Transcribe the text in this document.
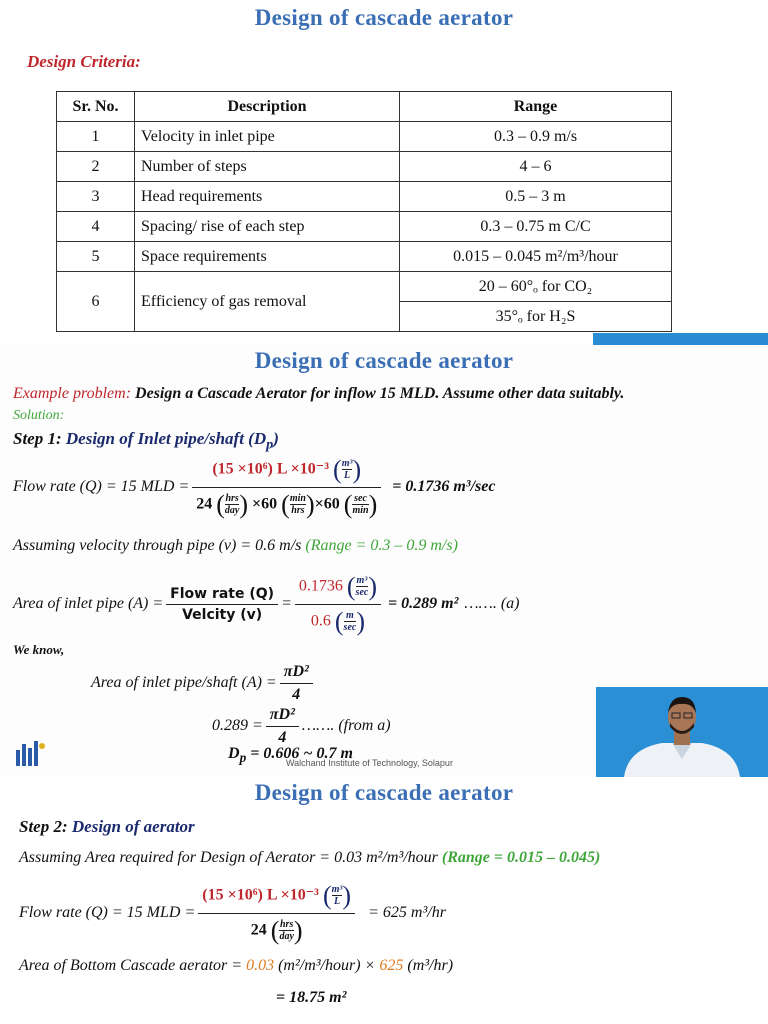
Design of cascade aerator
Design Criteria:
Sr. No.	Description	Range
1	Velocity in inlet pipe	0.3 – 0.9 m/s
2	Number of steps	4 – 6
3	Head requirements	0.5 – 3 m
4	Spacing/ rise of each step	0.3 – 0.75 m C/C
5	Space requirements	0.015 – 0.045 m²/m³/hour
6	Efficiency of gas removal	20 – 60°ₒ for CO₂
		35°ₒ for H₂S
Design of cascade aerator
Example problem: Design a Cascade Aerator for inflow 15 MLD. Assume other data suitably.
Solution:
Step 1: Design of Inlet pipe/shaft $(D_p)$
Flow rate (Q) = 15 MLD =
(15 ×10⁶) L ×10⁻³ ( $\frac{\text{m³}}{L}$ )
24 ( hrs
day ) ×60 ( min
hrs )×60 ( sec
min )
= 0.1736 m³/sec
Assuming velocity through pipe (v) = 0.6 m/s (Range = 0.3 – 0.9 m/s)
Area of inlet pipe $(A) = \frac{\text{Flow rate (Q)}}{\text{Velcity (v)}} = 0.1736$ ( m³
sec )
0.6 ( m
sec ) = 0.289 m² ……. (a)
We know,
Area of inlet pipe/shaft $(A) = \frac{\text{πD²}}{4}$
$0.289 = \frac{\text{πD²}}{4}$ ……. (from a)
$D_p = 0.606$ ~ 0.7 m
Walchand Institute of Technology, Solapur
Design of cascade aerator
Step 2: Design of aerator
Assuming Area required for Design of Aerator = 0.03 m²/m³/hour (Range = 0.015 – 0.045)
Flow rate (Q) = 15 MLD = (15 ×10⁶) L ×10⁻³ ( $\frac{\text{m³}}{L}$ )
24 ( hrs
day ) = 625 m³/hr
Area of Bottom Cascade aerator = 0.03 (m²/m³/hour) × 625 (m³/hr)
= 18.75 m²
